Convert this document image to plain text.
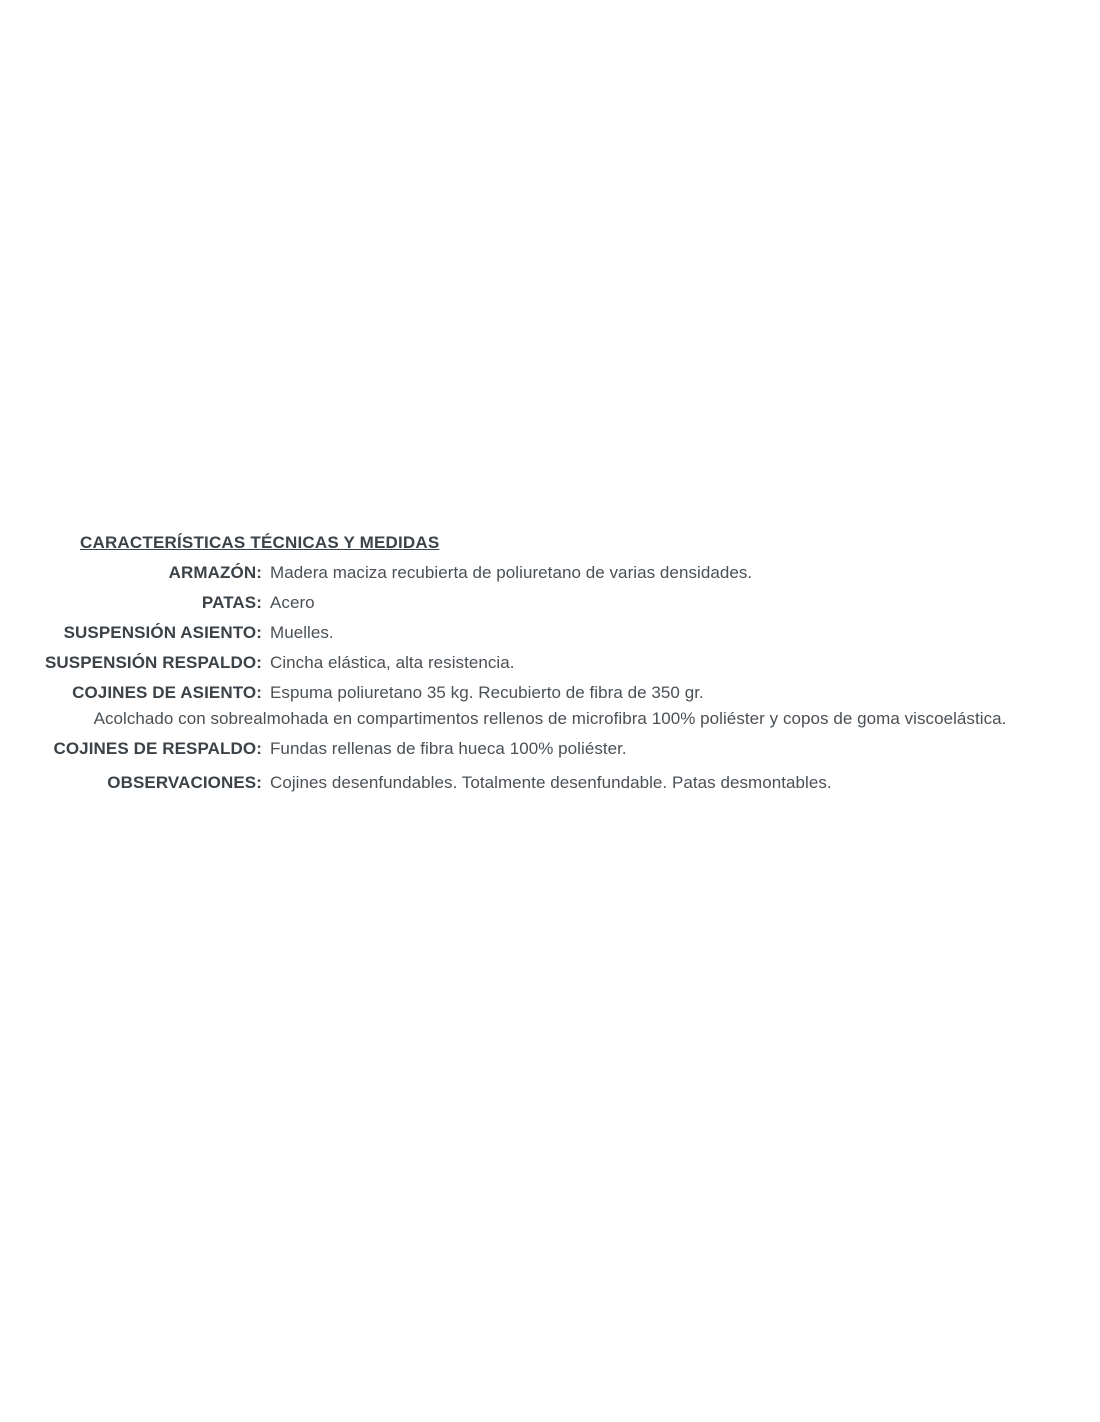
CARACTERÍSTICAS TÉCNICAS Y MEDIDAS
ARMAZÓN: Madera maciza recubierta de poliuretano de varias densidades.
PATAS: Acero
SUSPENSIÓN ASIENTO: Muelles.
SUSPENSIÓN RESPALDO: Cincha elástica, alta resistencia.
COJINES DE ASIENTO: Espuma poliuretano 35 kg. Recubierto de fibra de 350 gr.

Acolchado con sobrealmohada en compartimentos rellenos de microfibra 100% poliéster y copos de goma viscoelástica.

COJINES DE RESPALDO: Fundas rellenas de fibra hueca 100% poliéster.
OBSERVACIONES: Cojines desenfundables. Totalmente desenfundable. Patas desmontables.
